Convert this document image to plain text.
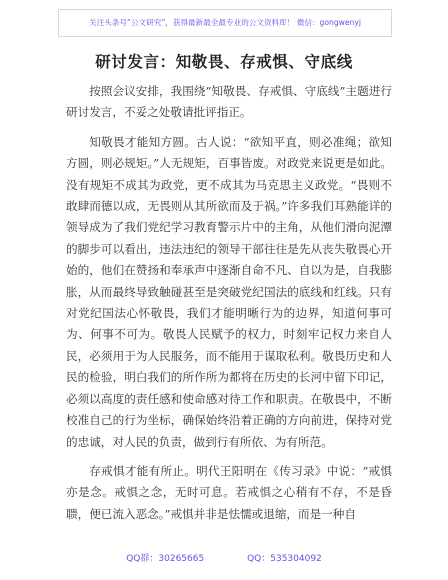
关注头条号“公文研究”，获得最新最全最专业的公文资料库！ 微信：gongwenyj
研讨发言：知敬畏、存戒惧、守底线

按照会议安排，我围绕“知敬畏、存戒惧、守底线”主题进行研讨发言，不妥之处敬请批评指正。

知敬畏才能知方圆。古人说：“欲知平直，则必准绳；欲知方圆，则必规矩。”人无规矩，百事皆废。对政党来说更是如此。没有规矩不成其为政党，更不成其为马克思主义政党。“畏则不敢肆而德以成，无畏则从其所欲而及于祸。”许多我们耳熟能详的领导成为了我们党纪学习教育警示片中的主角，从他们滑向泥潭的脚步可以看出，违法违纪的领导干部往往是先从丧失敬畏心开始的，他们在赞扬和奉承声中逐渐自命不凡、自以为是，自我膨胀，从而最终导致触碰甚至是突破党纪国法的底线和红线。只有对党纪国法心怀敬畏，我们才能明晰行为的边界，知道何事可为、何事不可为。敬畏人民赋予的权力，时刻牢记权力来自人民，必须用于为人民服务，而不能用于谋取私利。敬畏历史和人民的检验，明白我们的所作所为都将在历史的长河中留下印记，必须以高度的责任感和使命感对待工作和职责。在敬畏中，不断校准自己的行为坐标，确保始终沿着正确的方向前进，保持对党的忠诚，对人民的负责，做到行有所依、为有所范。

存戒惧才能有所止。明代王阳明在《传习录》中说：“戒惧亦是念。戒惧之念，无时可息。若戒惧之心稍有不存，不是昏聩，便已流入恶念。”戒惧并非是怯懦或退缩，而是一种自

QQ群：30265665	QQ：535304092
